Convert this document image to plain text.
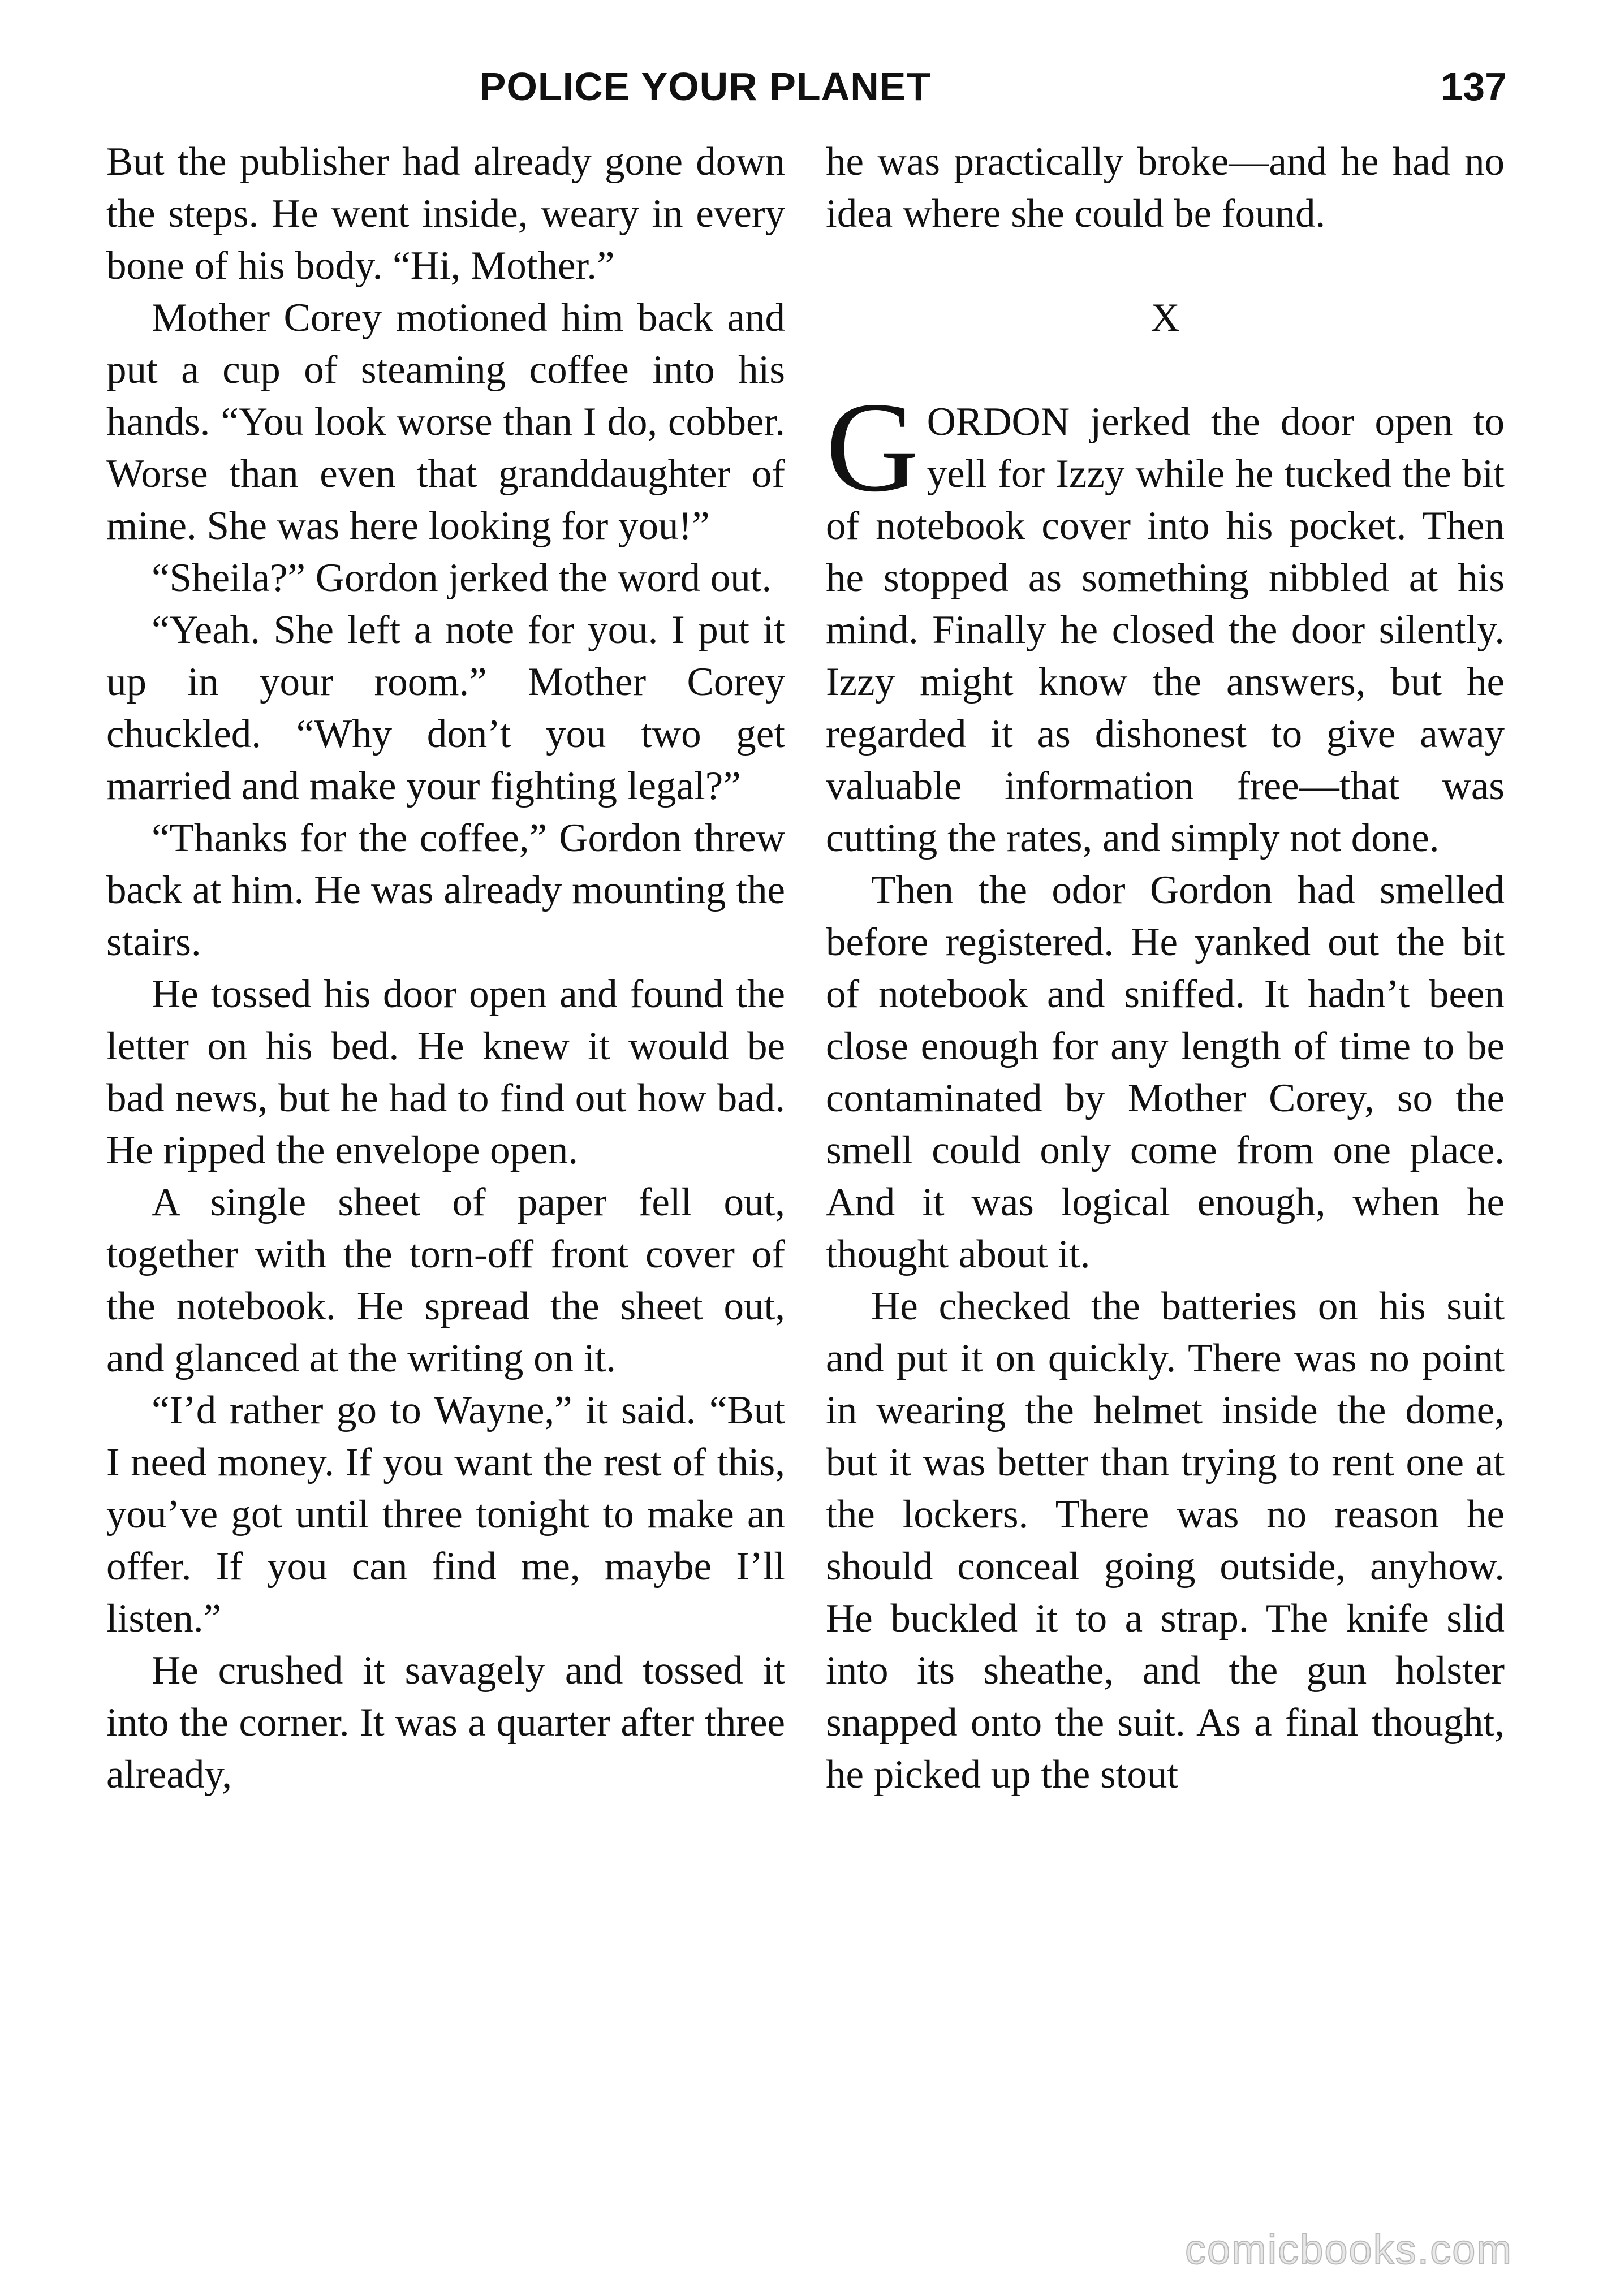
POLICE YOUR PLANET	137

But the publisher had already gone down the steps. He went inside, weary in every bone of his body. “Hi, Mother.”

Mother Corey motioned him back and put a cup of steaming coffee into his hands. “You look worse than I do, cobber. Worse than even that granddaughter of mine. She was here looking for you!”

“Sheila?” Gordon jerked the word out.

“Yeah. She left a note for you. I put it up in your room.” Mother Corey chuckled. “Why don’t you two get married and make your fighting legal?”

“Thanks for the coffee,” Gordon threw back at him. He was already mounting the stairs.

He tossed his door open and found the letter on his bed. He knew it would be bad news, but he had to find out how bad. He ripped the envelope open.

A single sheet of paper fell out, together with the torn-off front cover of the notebook. He spread the sheet out, and glanced at the writing on it.

“I’d rather go to Wayne,” it said. “But I need money. If you want the rest of this, you’ve got until three tonight to make an offer. If you can find me, maybe I’ll listen.”

He crushed it savagely and tossed it into the corner. It was a quarter after three already,

he was practically broke—and he had no idea where she could be found.

X

GORDON jerked the door open to yell for Izzy while he tucked the bit of notebook cover into his pocket. Then he stopped as something nibbled at his mind. Finally he closed the door silently. Izzy might know the answers, but he regarded it as dishonest to give away valuable information free—that was cutting the rates, and simply not done.

Then the odor Gordon had smelled before registered. He yanked out the bit of notebook and sniffed. It hadn’t been close enough for any length of time to be contaminated by Mother Corey, so the smell could only come from one place. And it was logical enough, when he thought about it.

He checked the batteries on his suit and put it on quickly. There was no point in wearing the helmet inside the dome, but it was better than trying to rent one at the lockers. There was no reason he should conceal going outside, anyhow. He buckled it to a strap. The knife slid into its sheathe, and the gun holster snapped onto the suit. As a final thought, he picked up the stout

comicbooks.com
